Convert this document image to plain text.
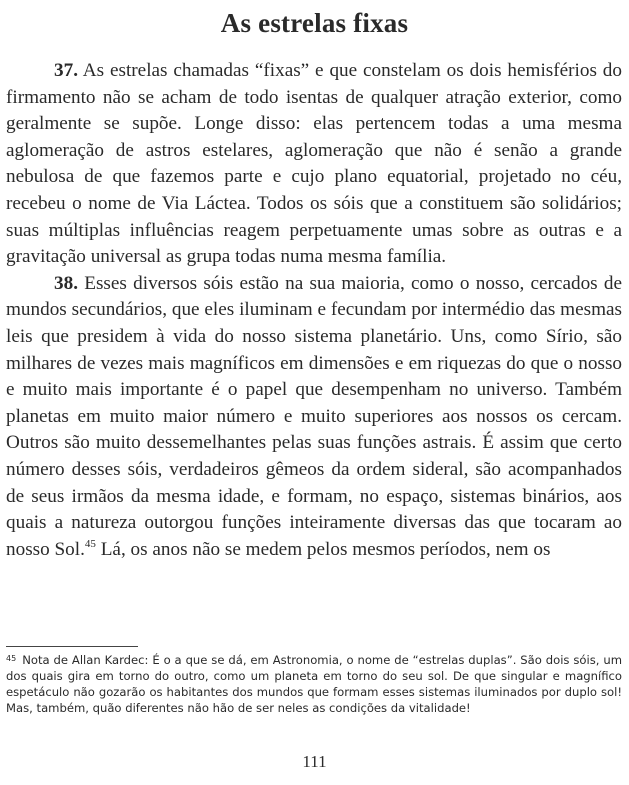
As estrelas fixas

37. As estrelas chamadas “fixas” e que constelam os dois hemisférios do firmamento não se acham de todo isentas de qualquer atração exterior, como geralmente se supõe. Longe disso: elas pertencem todas a uma mesma aglomeração de astros estelares, aglomeração que não é senão a grande nebulosa de que fazemos parte e cujo plano equatorial, projetado no céu, recebeu o nome de Via Láctea. Todos os sóis que a constituem são solidários; suas múltiplas influências reagem perpetuamente umas sobre as outras e a gravitação universal as grupa todas numa mesma família.

38. Esses diversos sóis estão na sua maioria, como o nosso, cercados de mundos secundários, que eles iluminam e fecundam por intermédio das mesmas leis que presidem à vida do nosso sistema planetário. Uns, como Sírio, são milhares de vezes mais magníficos em dimensões e em riquezas do que o nosso e muito mais importante é o papel que desempenham no universo. Também planetas em muito maior número e muito superiores aos nossos os cercam. Outros são muito dessemelhantes pelas suas funções astrais. É assim que certo número desses sóis, verdadeiros gêmeos da ordem sideral, são acompanhados de seus irmãos da mesma idade, e formam, no espaço, sistemas binários, aos quais a natureza outorgou funções inteiramente diversas das que tocaram ao nosso Sol.$^{45}$ Lá, os anos não se medem pelos mesmos períodos, nem os

$^{45}$ Nota de Allan Kardec: É o a que se dá, em Astronomia, o nome de “estrelas duplas”. São dois sóis, um dos quais gira em torno do outro, como um planeta em torno do seu sol. De que singular e magnífico espetáculo não gozarão os habitantes dos mundos que formam esses sistemas iluminados por duplo sol! Mas, também, quão diferentes não hão de ser neles as condições da vitalidade!
111
